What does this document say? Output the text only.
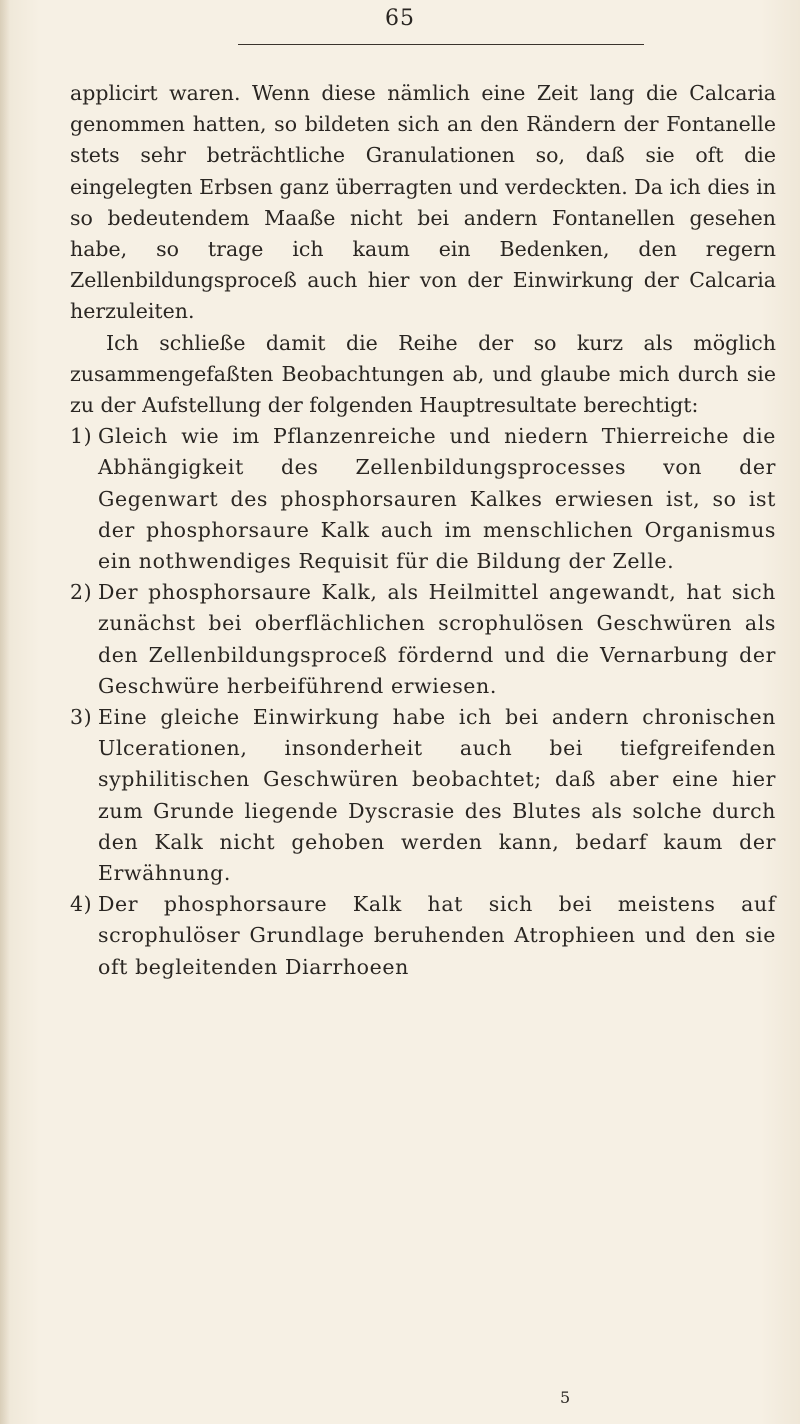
65

applicirt waren. Wenn diese nämlich eine Zeit lang die Calcaria genommen hatten, so bildeten sich an den Rändern der Fontanelle stets sehr beträchtliche Granulationen so, daß sie oft die eingelegten Erbsen ganz überragten und verdeckten. Da ich dies in so bedeutendem Maaße nicht bei andern Fontanellen gesehen habe, so trage ich kaum ein Bedenken, den regern Zellenbildungsproceß auch hier von der Einwirkung der Calcaria herzuleiten.

Ich schließe damit die Reihe der so kurz als möglich zusammengefaßten Beobachtungen ab, und glaube mich durch sie zu der Aufstellung der folgenden Hauptresultate berechtigt:

1) Gleich wie im Pflanzenreiche und niedern Thierreiche die Abhängigkeit des Zellenbildungsprocesses von der Gegenwart des phosphorsauren Kalkes erwiesen ist, so ist der phosphorsaure Kalk auch im menschlichen Organismus ein nothwendiges Requisit für die Bildung der Zelle.
2) Der phosphorsaure Kalk, als Heilmittel angewandt, hat sich zunächst bei oberflächlichen scrophulösen Geschwüren als den Zellenbildungsproceß fördernd und die Vernarbung der Geschwüre herbeiführend erwiesen.
3) Eine gleiche Einwirkung habe ich bei andern chronischen Ulcerationen, insonderheit auch bei tiefgreifenden syphilitischen Geschwüren beobachtet; daß aber eine hier zum Grunde liegende Dyscrasie des Blutes als solche durch den Kalk nicht gehoben werden kann, bedarf kaum der Erwähnung.
4) Der phosphorsaure Kalk hat sich bei meistens auf scrophulöser Grundlage beruhenden Atrophieen und den sie oft begleitenden Diarrhoeen
5
